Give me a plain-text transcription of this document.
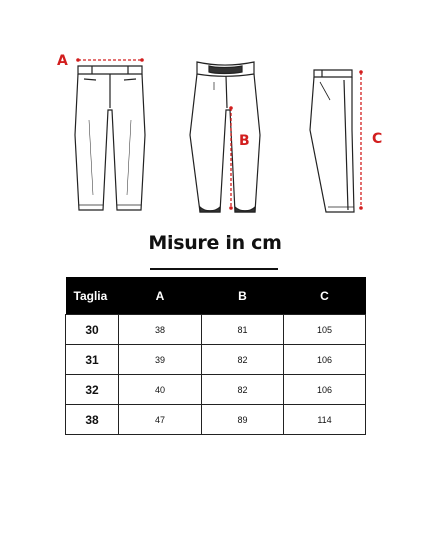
A
B	C
Misure in cm
Taglia	A	B	C
30	38	81	105
31	39	82	106
32	40	82	106
38	47	89	114
